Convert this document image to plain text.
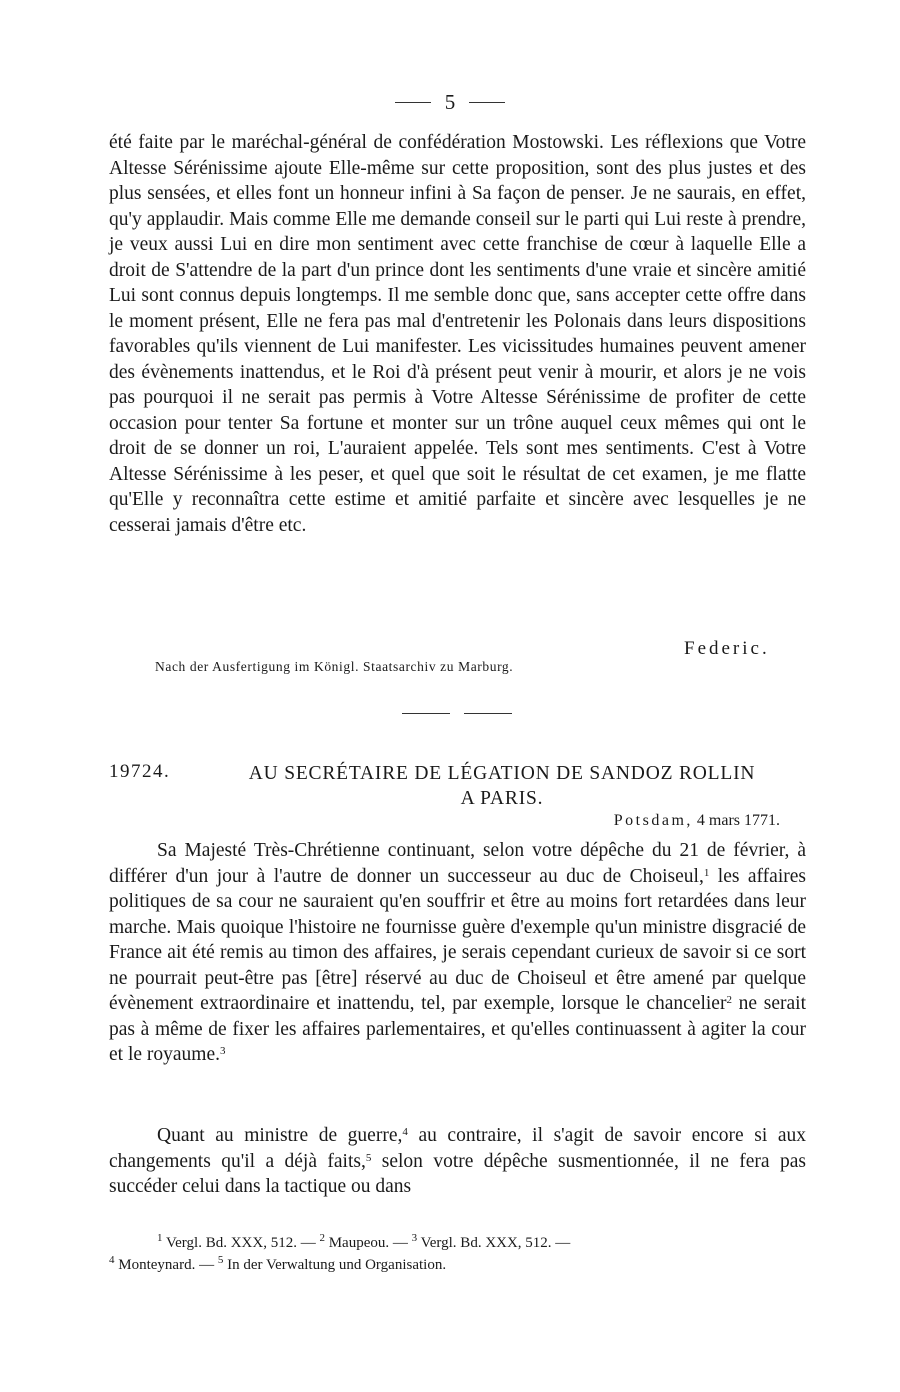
5

été faite par le maréchal-général de confédération Mostowski. Les réflexions que Votre Altesse Sérénissime ajoute Elle-même sur cette proposition, sont des plus justes et des plus sensées, et elles font un honneur infini à Sa façon de penser. Je ne saurais, en effet, qu'y applaudir. Mais comme Elle me demande conseil sur le parti qui Lui reste à prendre, je veux aussi Lui en dire mon sentiment avec cette franchise de cœur à laquelle Elle a droit de S'attendre de la part d'un prince dont les sentiments d'une vraie et sincère amitié Lui sont connus depuis longtemps. Il me semble donc que, sans accepter cette offre dans le moment présent, Elle ne fera pas mal d'entretenir les Polonais dans leurs dispositions favorables qu'ils viennent de Lui manifester. Les vicissitudes humaines peuvent amener des évènements inattendus, et le Roi d'à présent peut venir à mourir, et alors je ne vois pas pourquoi il ne serait pas permis à Votre Altesse Sérénissime de profiter de cette occasion pour tenter Sa fortune et monter sur un trône auquel ceux mêmes qui ont le droit de se donner un roi, L'auraient appelée. Tels sont mes sentiments. C'est à Votre Altesse Sérénissime à les peser, et quel que soit le résultat de cet examen, je me flatte qu'Elle y reconnaîtra cette estime et amitié parfaite et sincère avec lesquelles je ne cesserai jamais d'être etc.

Federic.
Nach der Ausfertigung im Königl. Staatsarchiv zu Marburg.
19724.	AU SECRÉTAIRE DE LÉGATION DE SANDOZ ROLLIN
A PARIS.
Potsdam, 4 mars 1771.

Sa Majesté Très-Chrétienne continuant, selon votre dépêche du 21 de février, à différer d'un jour à l'autre de donner un successeur au duc de Choiseul,$^1$ les affaires politiques de sa cour ne sauraient qu'en souffrir et être au moins fort retardées dans leur marche. Mais quoique l'histoire ne fournisse guère d'exemple qu'un ministre disgracié de France ait été remis au timon des affaires, je serais cependant curieux de savoir si ce sort ne pourrait peut-être pas [être] réservé au duc de Choiseul et être amené par quelque évènement extraordinaire et inattendu, tel, par exemple, lorsque le chancelier$^2$ ne serait pas à même de fixer les affaires parlementaires, et qu'elles continuassent à agiter la cour et le royaume.$^3$

Quant au ministre de guerre,$^4$ au contraire, il s'agit de savoir encore si aux changements qu'il a déjà faits,$^5$ selon votre dépêche susmentionnée, il ne fera pas succéder celui dans la tactique ou dans

$^1$ Vergl. Bd. XXX, 512. — $^2$ Maupeou. — $^3$ Vergl. Bd. XXX, 512. —

$^4$ Monteynard. — $^5$ In der Verwaltung und Organisation.
